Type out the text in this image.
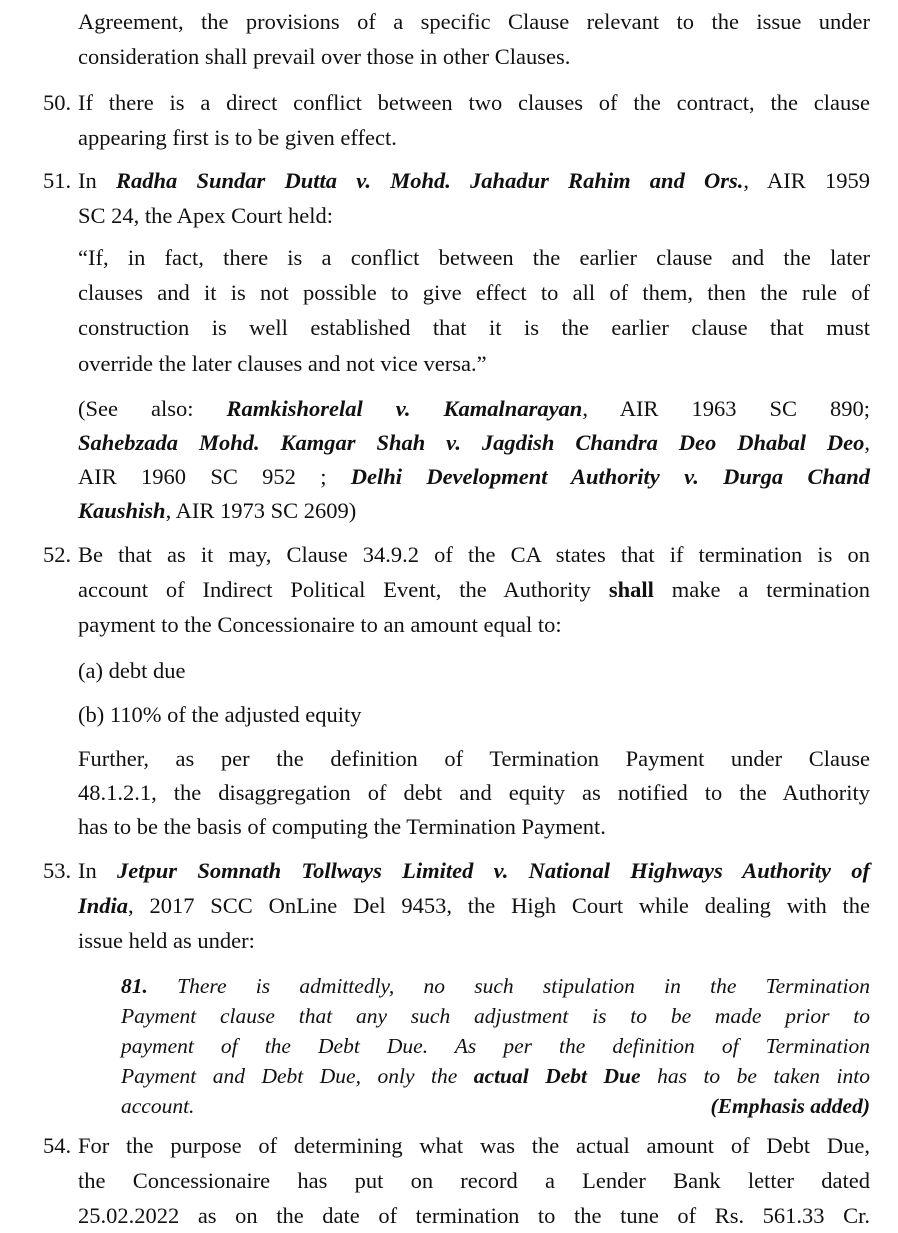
Agreement, the provisions of a specific Clause relevant to the issue under
consideration shall prevail over those in other Clauses.
50. If there is a direct conflict between two clauses of the contract, the clause
appearing first is to be given effect.
51. In Radha Sundar Dutta v. Mohd. Jahadur Rahim and Ors., AIR 1959
SC 24, the Apex Court held:
“If, in fact, there is a conflict between the earlier clause and the later
clauses and it is not possible to give effect to all of them, then the rule of
construction is well established that it is the earlier clause that must
override the later clauses and not vice versa.”
(See also: Ramkishorelal v. Kamalnarayan, AIR 1963 SC 890;
Sahebzada Mohd. Kamgar Shah v. Jagdish Chandra Deo Dhabal Deo,
AIR 1960 SC 952 ; Delhi Development Authority v. Durga Chand
Kaushish, AIR 1973 SC 2609)
52. Be that as it may, Clause 34.9.2 of the CA states that if termination is on
account of Indirect Political Event, the Authority shall make a termination
payment to the Concessionaire to an amount equal to:
(a) debt due
(b) 110% of the adjusted equity
Further, as per the definition of Termination Payment under Clause
48.1.2.1, the disaggregation of debt and equity as notified to the Authority
has to be the basis of computing the Termination Payment.
53. In Jetpur Somnath Tollways Limited v. National Highways Authority of
India, 2017 SCC OnLine Del 9453, the High Court while dealing with the
issue held as under:
81. There is admittedly, no such stipulation in the Termination
Payment clause that any such adjustment is to be made prior to
payment of the Debt Due. As per the definition of Termination
Payment and Debt Due, only the actual Debt Due has to be taken into
account.	(Emphasis added)
54. For the purpose of determining what was the actual amount of Debt Due,
the Concessionaire has put on record a Lender Bank letter dated
25.02.2022 as on the date of termination to the tune of Rs. 561.33 Cr.
